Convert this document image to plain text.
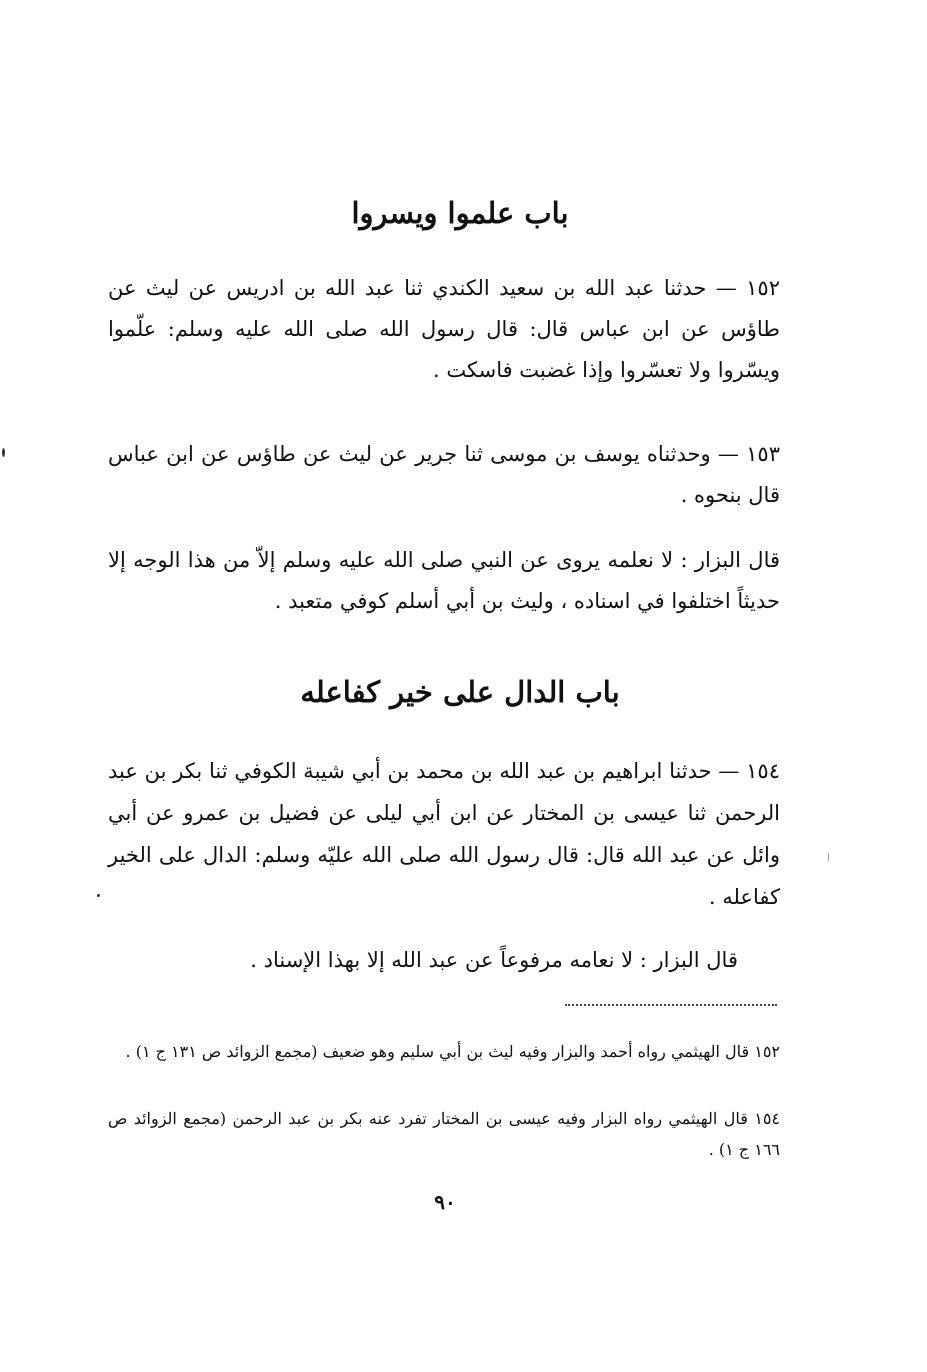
باب علموا ويسروا
١٥٢ — حدثنا عبد الله بن سعيد الكندي ثنا عبد الله بن ادريس عن ليث عن طاؤس عن ابن عباس قال: قال رسول الله صلى الله عليه وسلم: علّموا ويسّروا ولا تعسّروا وإذا غضبت فاسكت .
١٥٣ — وحدثناه يوسف بن موسى ثنا جرير عن ليث عن طاؤس عن ابن عباس قال بنحوه .
قال البزار : لا نعلمه يروى عن النبي صلى الله عليه وسلم إلاّ من هذا الوجه إلا حديثاً اختلفوا في اسناده ، وليث بن أبي أسلم كوفي متعبد .
باب الدال على خير كفاعله
١٥٤ — حدثنا ابراهيم بن عبد الله بن محمد بن أبي شيبة الكوفي ثنا بكر بن عبد الرحمن ثنا عيسى بن المختار عن ابن أبي ليلى عن فضيل بن عمرو عن أبي وائل عن عبد الله قال: قال رسول الله صلى الله عليّه وسلم: الدال على الخير كفاعله .
قال البزار : لا نعامه مرفوعاً عن عبد الله إلا بهذا الإسناد .
١٥٢ قال الهيثمي رواه أحمد والبزار وفيه ليث بن أبي سليم وهو ضعيف (مجمع الزوائد ص ١٣١ ج ١) .
١٥٤ قال الهيثمي رواه البزار وفيه عيسى بن المختار تفرد عنه بكر بن عبد الرحمن (مجمع الزوائد ص ١٦٦ ج ١) .
٩٠
